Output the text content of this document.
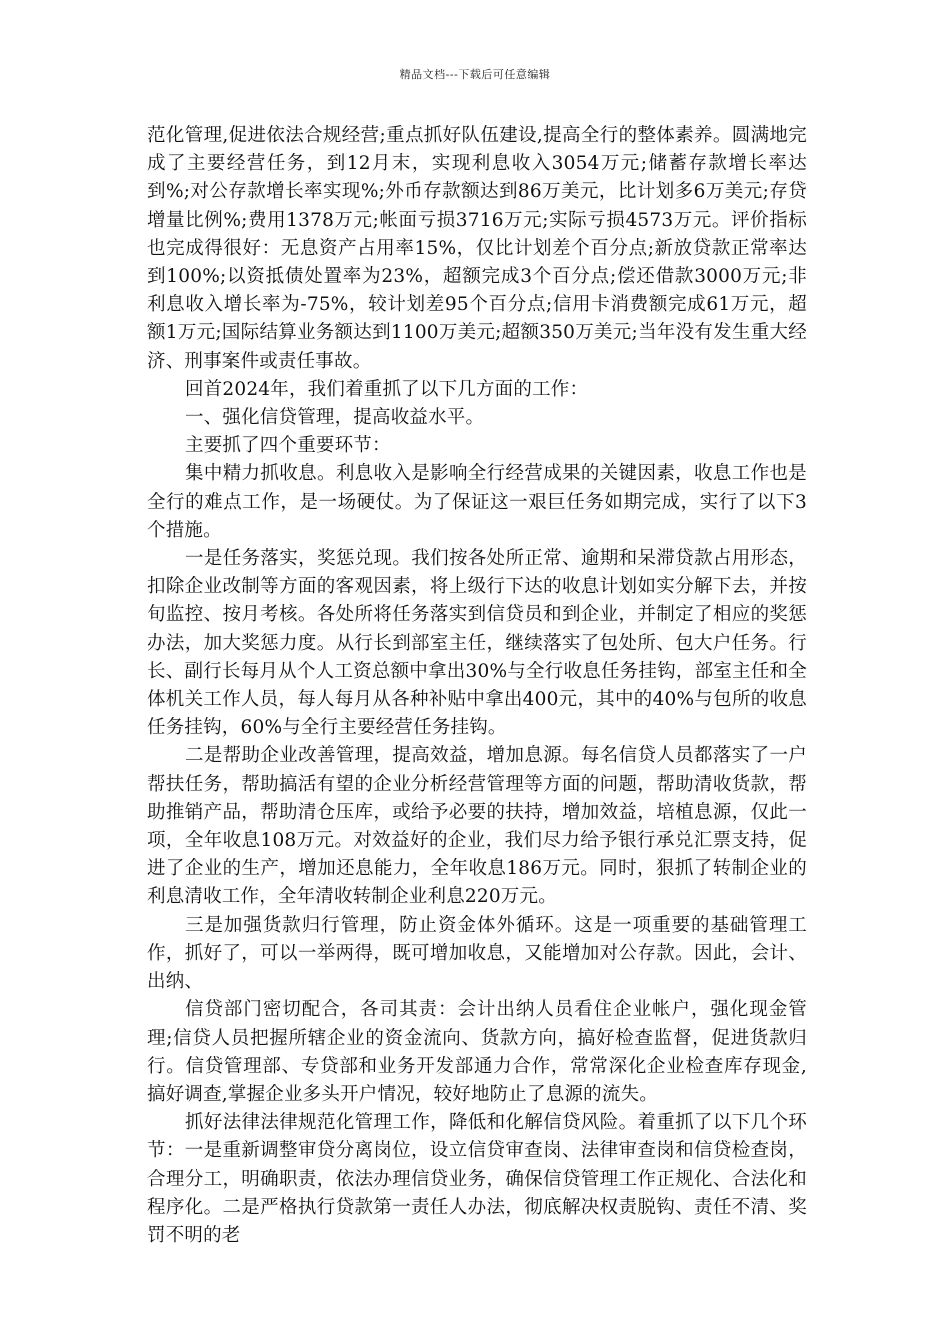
精品文档---下载后可任意编辑

范化管理,促进依法合规经营;重点抓好队伍建设,提高全行的整体素养。圆满地完成了主要经营任务，到12月末，实现利息收入3054万元;储蓄存款增长率达到%;对公存款增长率实现%;外币存款额达到86万美元，比计划多6万美元;存贷增量比例%;费用1378万元;帐面亏损3716万元;实际亏损4573万元。评价指标也完成得很好：无息资产占用率15%，仅比计划差个百分点;新放贷款正常率达到100%;以资抵债处置率为23%，超额完成3个百分点;偿还借款3000万元;非利息收入增长率为-75%，较计划差95个百分点;信用卡消费额完成61万元，超额1万元;国际结算业务额达到1100万美元;超额350万美元;当年没有发生重大经济、刑事案件或责任事故。

回首2024年，我们着重抓了以下几方面的工作：

一、强化信贷管理，提高收益水平。

主要抓了四个重要环节：

集中精力抓收息。利息收入是影响全行经营成果的关键因素，收息工作也是全行的难点工作，是一场硬仗。为了保证这一艰巨任务如期完成，实行了以下3个措施。

一是任务落实，奖惩兑现。我们按各处所正常、逾期和呆滞贷款占用形态，扣除企业改制等方面的客观因素，将上级行下达的收息计划如实分解下去，并按旬监控、按月考核。各处所将任务落实到信贷员和到企业，并制定了相应的奖惩办法，加大奖惩力度。从行长到部室主任，继续落实了包处所、包大户任务。行长、副行长每月从个人工资总额中拿出30%与全行收息任务挂钩，部室主任和全体机关工作人员，每人每月从各种补贴中拿出400元，其中的40%与包所的收息任务挂钩，60%与全行主要经营任务挂钩。

二是帮助企业改善管理，提高效益，增加息源。每名信贷人员都落实了一户帮扶任务，帮助搞活有望的企业分析经营管理等方面的问题，帮助清收货款，帮助推销产品，帮助清仓压库，或给予必要的扶持，增加效益，培植息源，仅此一项，全年收息108万元。对效益好的企业，我们尽力给予银行承兑汇票支持，促进了企业的生产，增加还息能力，全年收息186万元。同时，狠抓了转制企业的利息清收工作，全年清收转制企业利息220万元。

三是加强货款归行管理，防止资金体外循环。这是一项重要的基础管理工作，抓好了，可以一举两得，既可增加收息，又能增加对公存款。因此，会计、出纳、

信贷部门密切配合，各司其责：会计出纳人员看住企业帐户，强化现金管理;信贷人员把握所辖企业的资金流向、货款方向，搞好检查监督，促进货款归行。信贷管理部、专贷部和业务开发部通力合作，常常深化企业检查库存现金,搞好调查,掌握企业多头开户情况，较好地防止了息源的流失。

抓好法律法律规范化管理工作，降低和化解信贷风险。着重抓了以下几个环节：一是重新调整审贷分离岗位，设立信贷审查岗、法律审查岗和信贷检查岗，合理分工，明确职责，依法办理信贷业务，确保信贷管理工作正规化、合法化和程序化。二是严格执行贷款第一责任人办法，彻底解决权责脱钩、责任不清、奖罚不明的老
